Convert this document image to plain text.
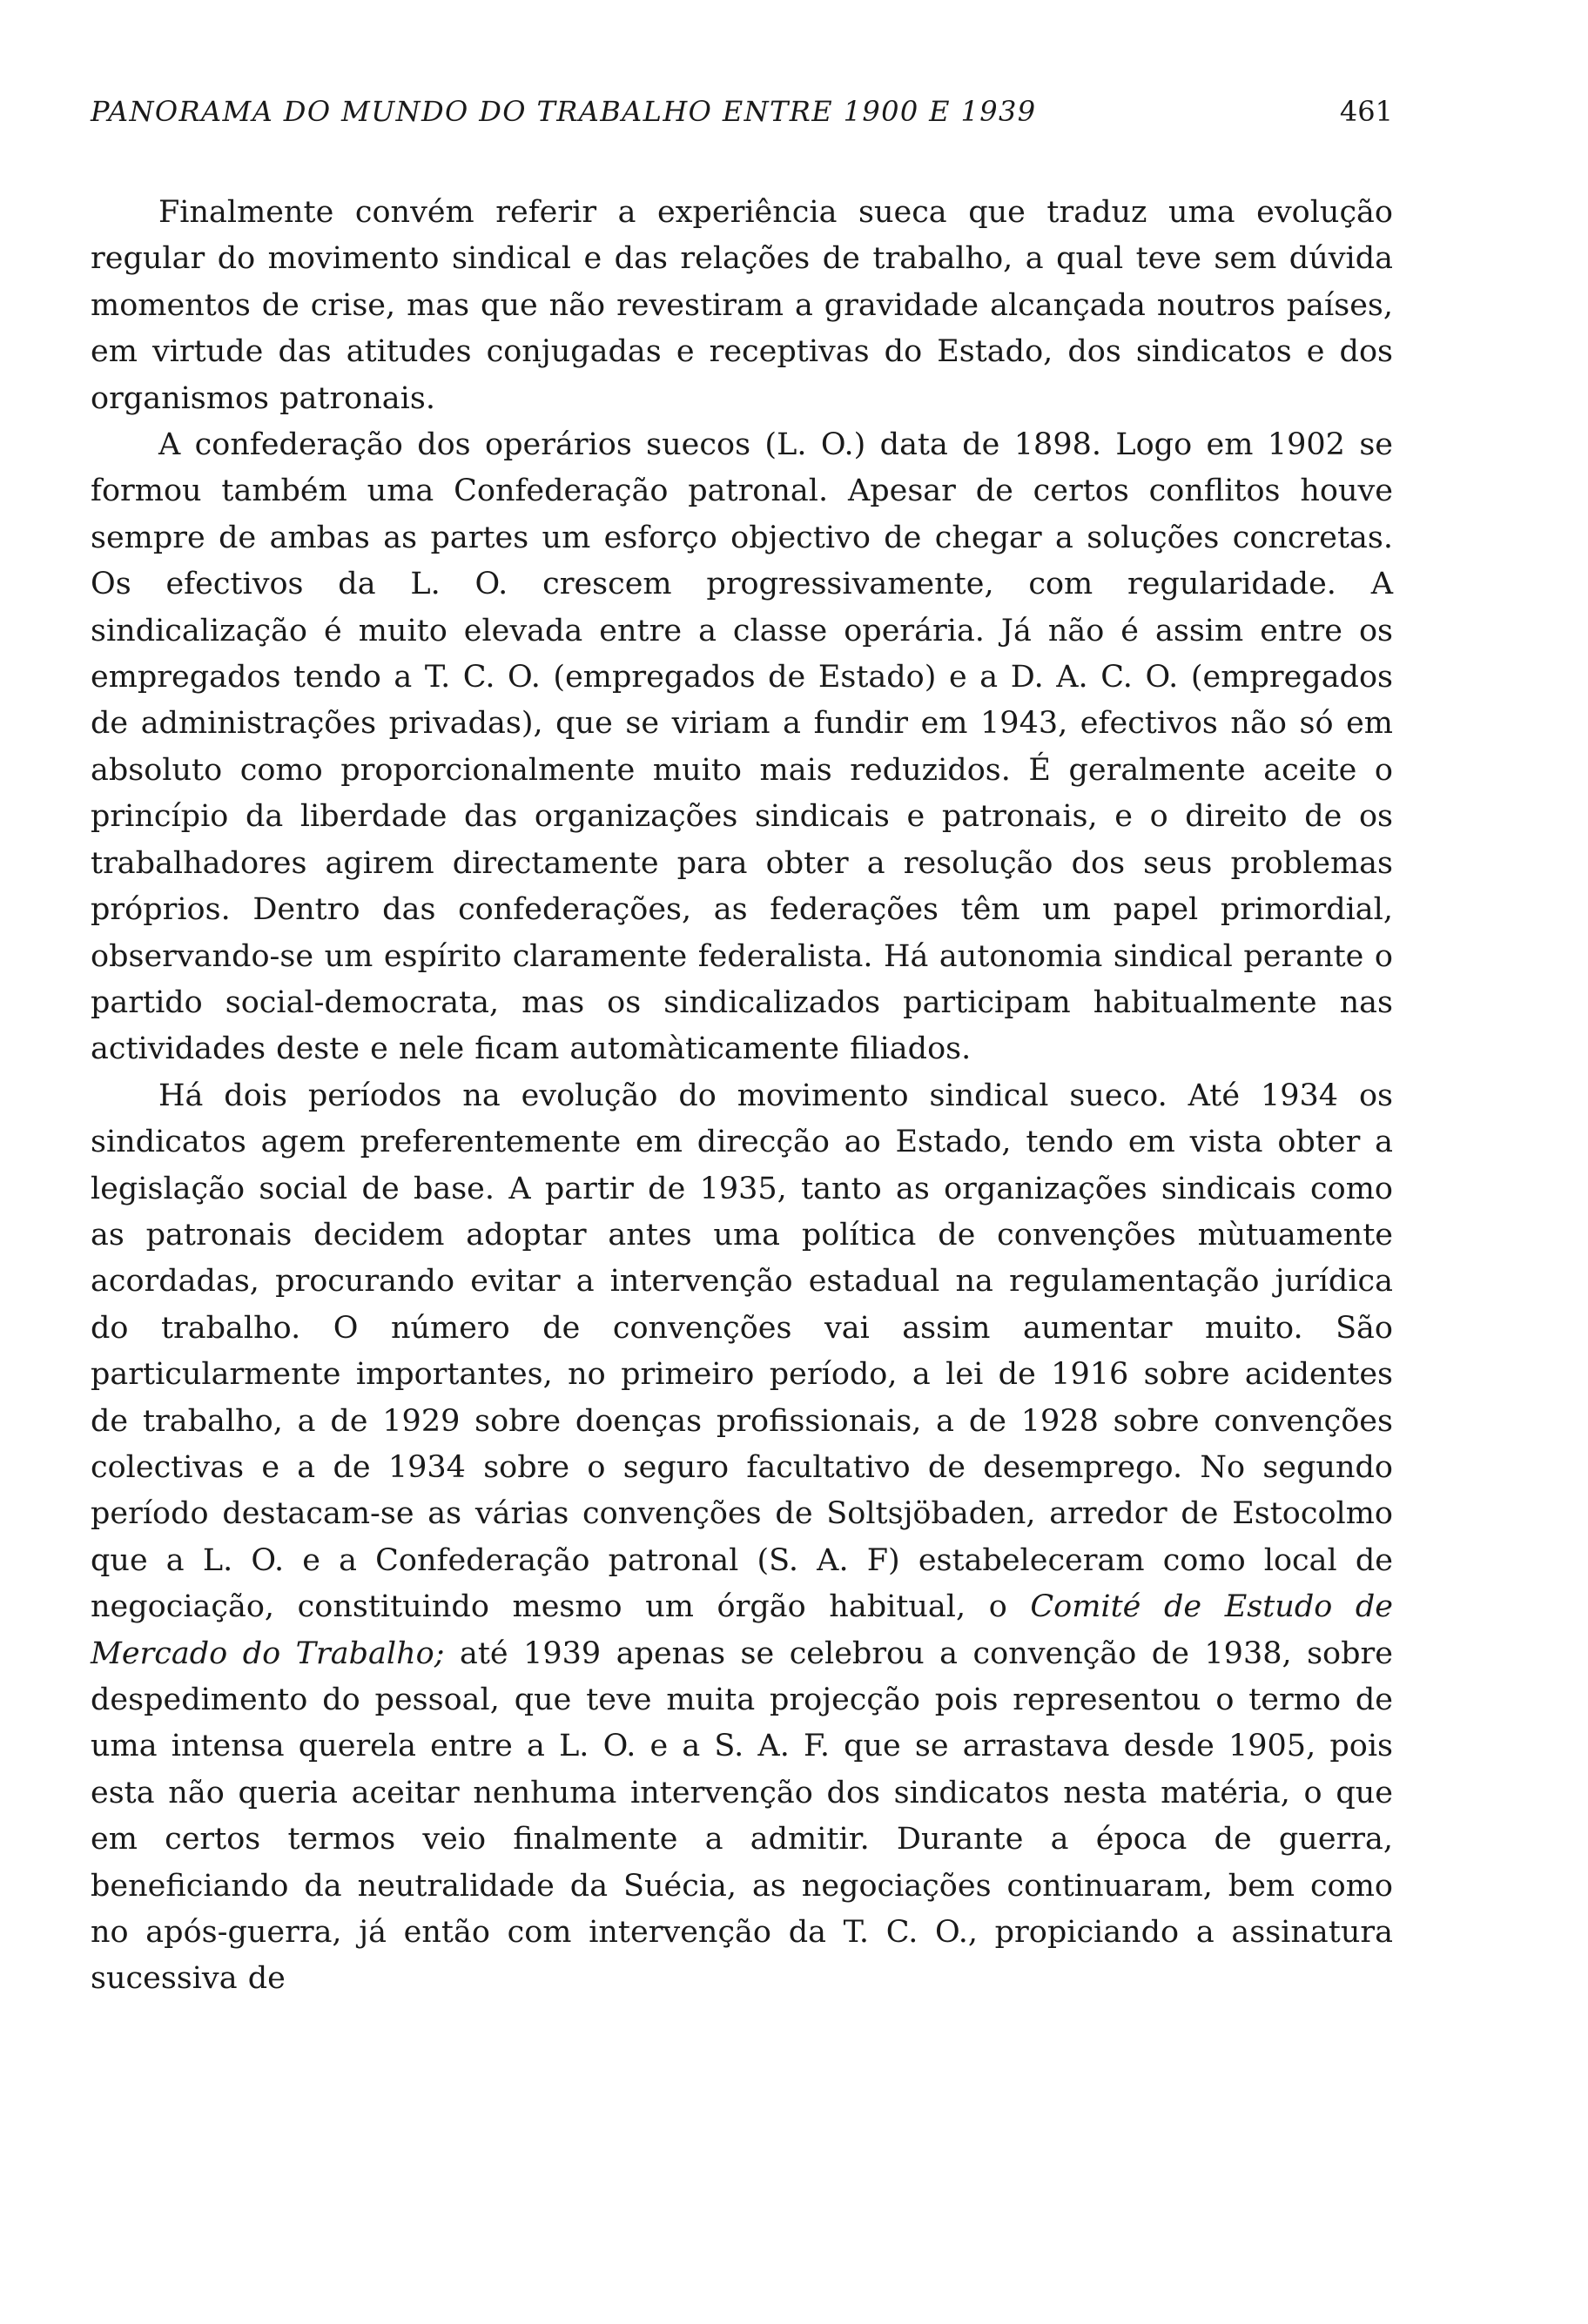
PANORAMA DO MUNDO DO TRABALHO ENTRE 1900 E 1939	461

Finalmente convém referir a experiência sueca que traduz uma evolução regular do movimento sindical e das relações de trabalho, a qual teve sem dúvida momentos de crise, mas que não revestiram a gravidade alcançada noutros países, em virtude das atitudes conjugadas e receptivas do Estado, dos sindicatos e dos organismos patronais.

A confederação dos operários suecos (L. O.) data de 1898. Logo em 1902 se formou também uma Confederação patronal. Apesar de certos conflitos houve sempre de ambas as partes um esforço objectivo de chegar a soluções concretas. Os efectivos da L. O. crescem progressivamente, com regularidade. A sindicalização é muito elevada entre a classe operária. Já não é assim entre os empregados tendo a T. C. O. (empregados de Estado) e a D. A. C. O. (empregados de administrações privadas), que se viriam a fundir em 1943, efectivos não só em absoluto como proporcionalmente muito mais reduzidos. É geralmente aceite o princípio da liberdade das organizações sindicais e patronais, e o direito de os trabalhadores agirem directamente para obter a resolução dos seus problemas próprios. Dentro das confederações, as federações têm um papel primordial, observando-se um espírito claramente federalista. Há autonomia sindical perante o partido social-democrata, mas os sindicalizados participam habitualmente nas actividades deste e nele ficam automàticamente filiados.

Há dois períodos na evolução do movimento sindical sueco. Até 1934 os sindicatos agem preferentemente em direcção ao Estado, tendo em vista obter a legislação social de base. A partir de 1935, tanto as organizações sindicais como as patronais decidem adoptar antes uma política de convenções mùtuamente acordadas, procurando evitar a intervenção estadual na regulamentação jurídica do trabalho. O número de convenções vai assim aumentar muito. São particularmente importantes, no primeiro período, a lei de 1916 sobre acidentes de trabalho, a de 1929 sobre doenças profissionais, a de 1928 sobre convenções colectivas e a de 1934 sobre o seguro facultativo de desemprego. No segundo período destacam-se as várias convenções de Soltsjöbaden, arredor de Estocolmo que a L. O. e a Confederação patronal (S. A. F) estabeleceram como local de negociação, constituindo mesmo um órgão habitual, o Comité de Estudo de Mercado do Trabalho; até 1939 apenas se celebrou a convenção de 1938, sobre despedimento do pessoal, que teve muita projecção pois representou o termo de uma intensa querela entre a L. O. e a S. A. F. que se arrastava desde 1905, pois esta não queria aceitar nenhuma intervenção dos sindicatos nesta matéria, o que em certos termos veio finalmente a admitir. Durante a época de guerra, beneficiando da neutralidade da Suécia, as negociações continuaram, bem como no após-guerra, já então com intervenção da T. C. O., propiciando a assinatura sucessiva de
